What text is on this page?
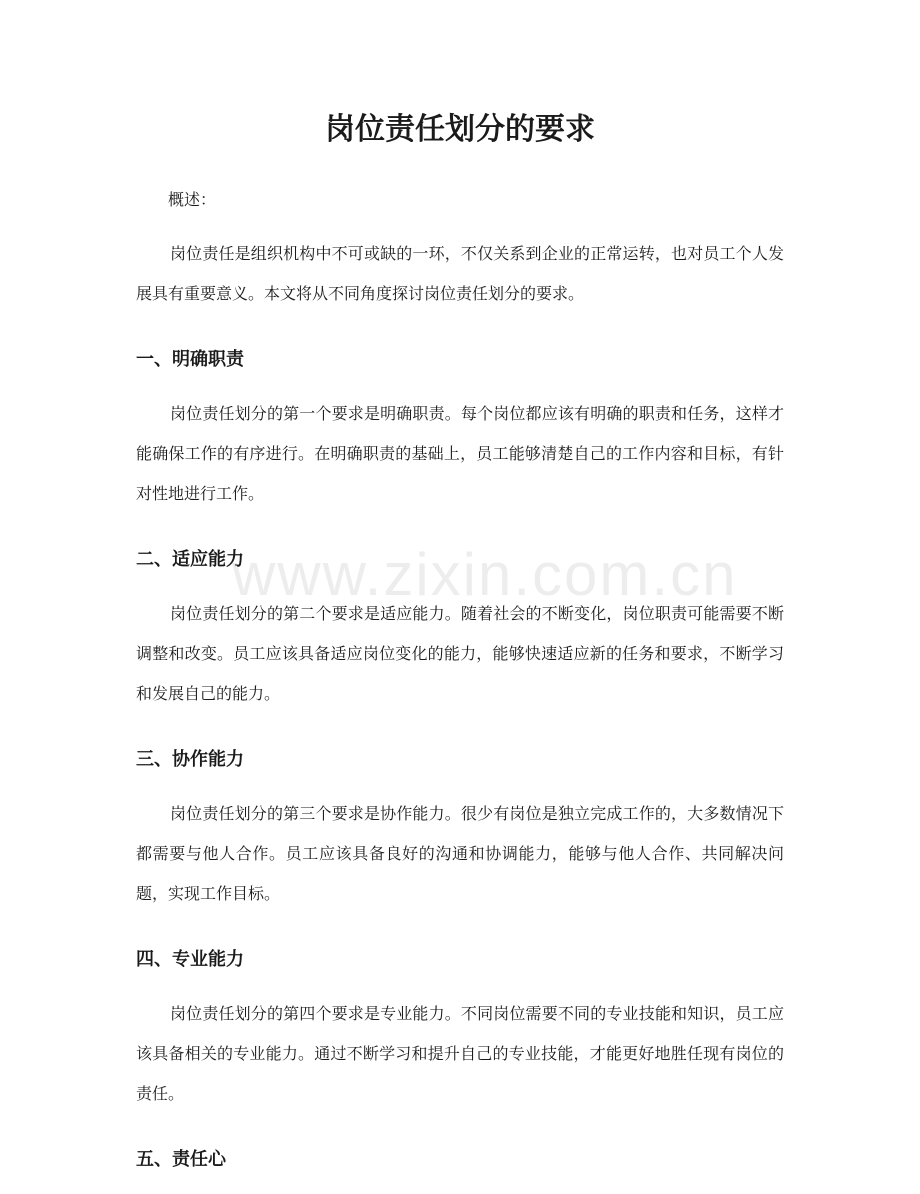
www.zixin.com.cn
岗位责任划分的要求

概述：

岗位责任是组织机构中不可或缺的一环，不仅关系到企业的正常运转，也对员工个人发展具有重要意义。本文将从不同角度探讨岗位责任划分的要求。

一、明确职责

岗位责任划分的第一个要求是明确职责。每个岗位都应该有明确的职责和任务，这样才能确保工作的有序进行。在明确职责的基础上，员工能够清楚自己的工作内容和目标，有针对性地进行工作。

二、适应能力

岗位责任划分的第二个要求是适应能力。随着社会的不断变化，岗位职责可能需要不断调整和改变。员工应该具备适应岗位变化的能力，能够快速适应新的任务和要求，不断学习和发展自己的能力。

三、协作能力

岗位责任划分的第三个要求是协作能力。很少有岗位是独立完成工作的，大多数情况下都需要与他人合作。员工应该具备良好的沟通和协调能力，能够与他人合作、共同解决问题，实现工作目标。

四、专业能力

岗位责任划分的第四个要求是专业能力。不同岗位需要不同的专业技能和知识，员工应该具备相关的专业能力。通过不断学习和提升自己的专业技能，才能更好地胜任现有岗位的责任。

五、责任心
